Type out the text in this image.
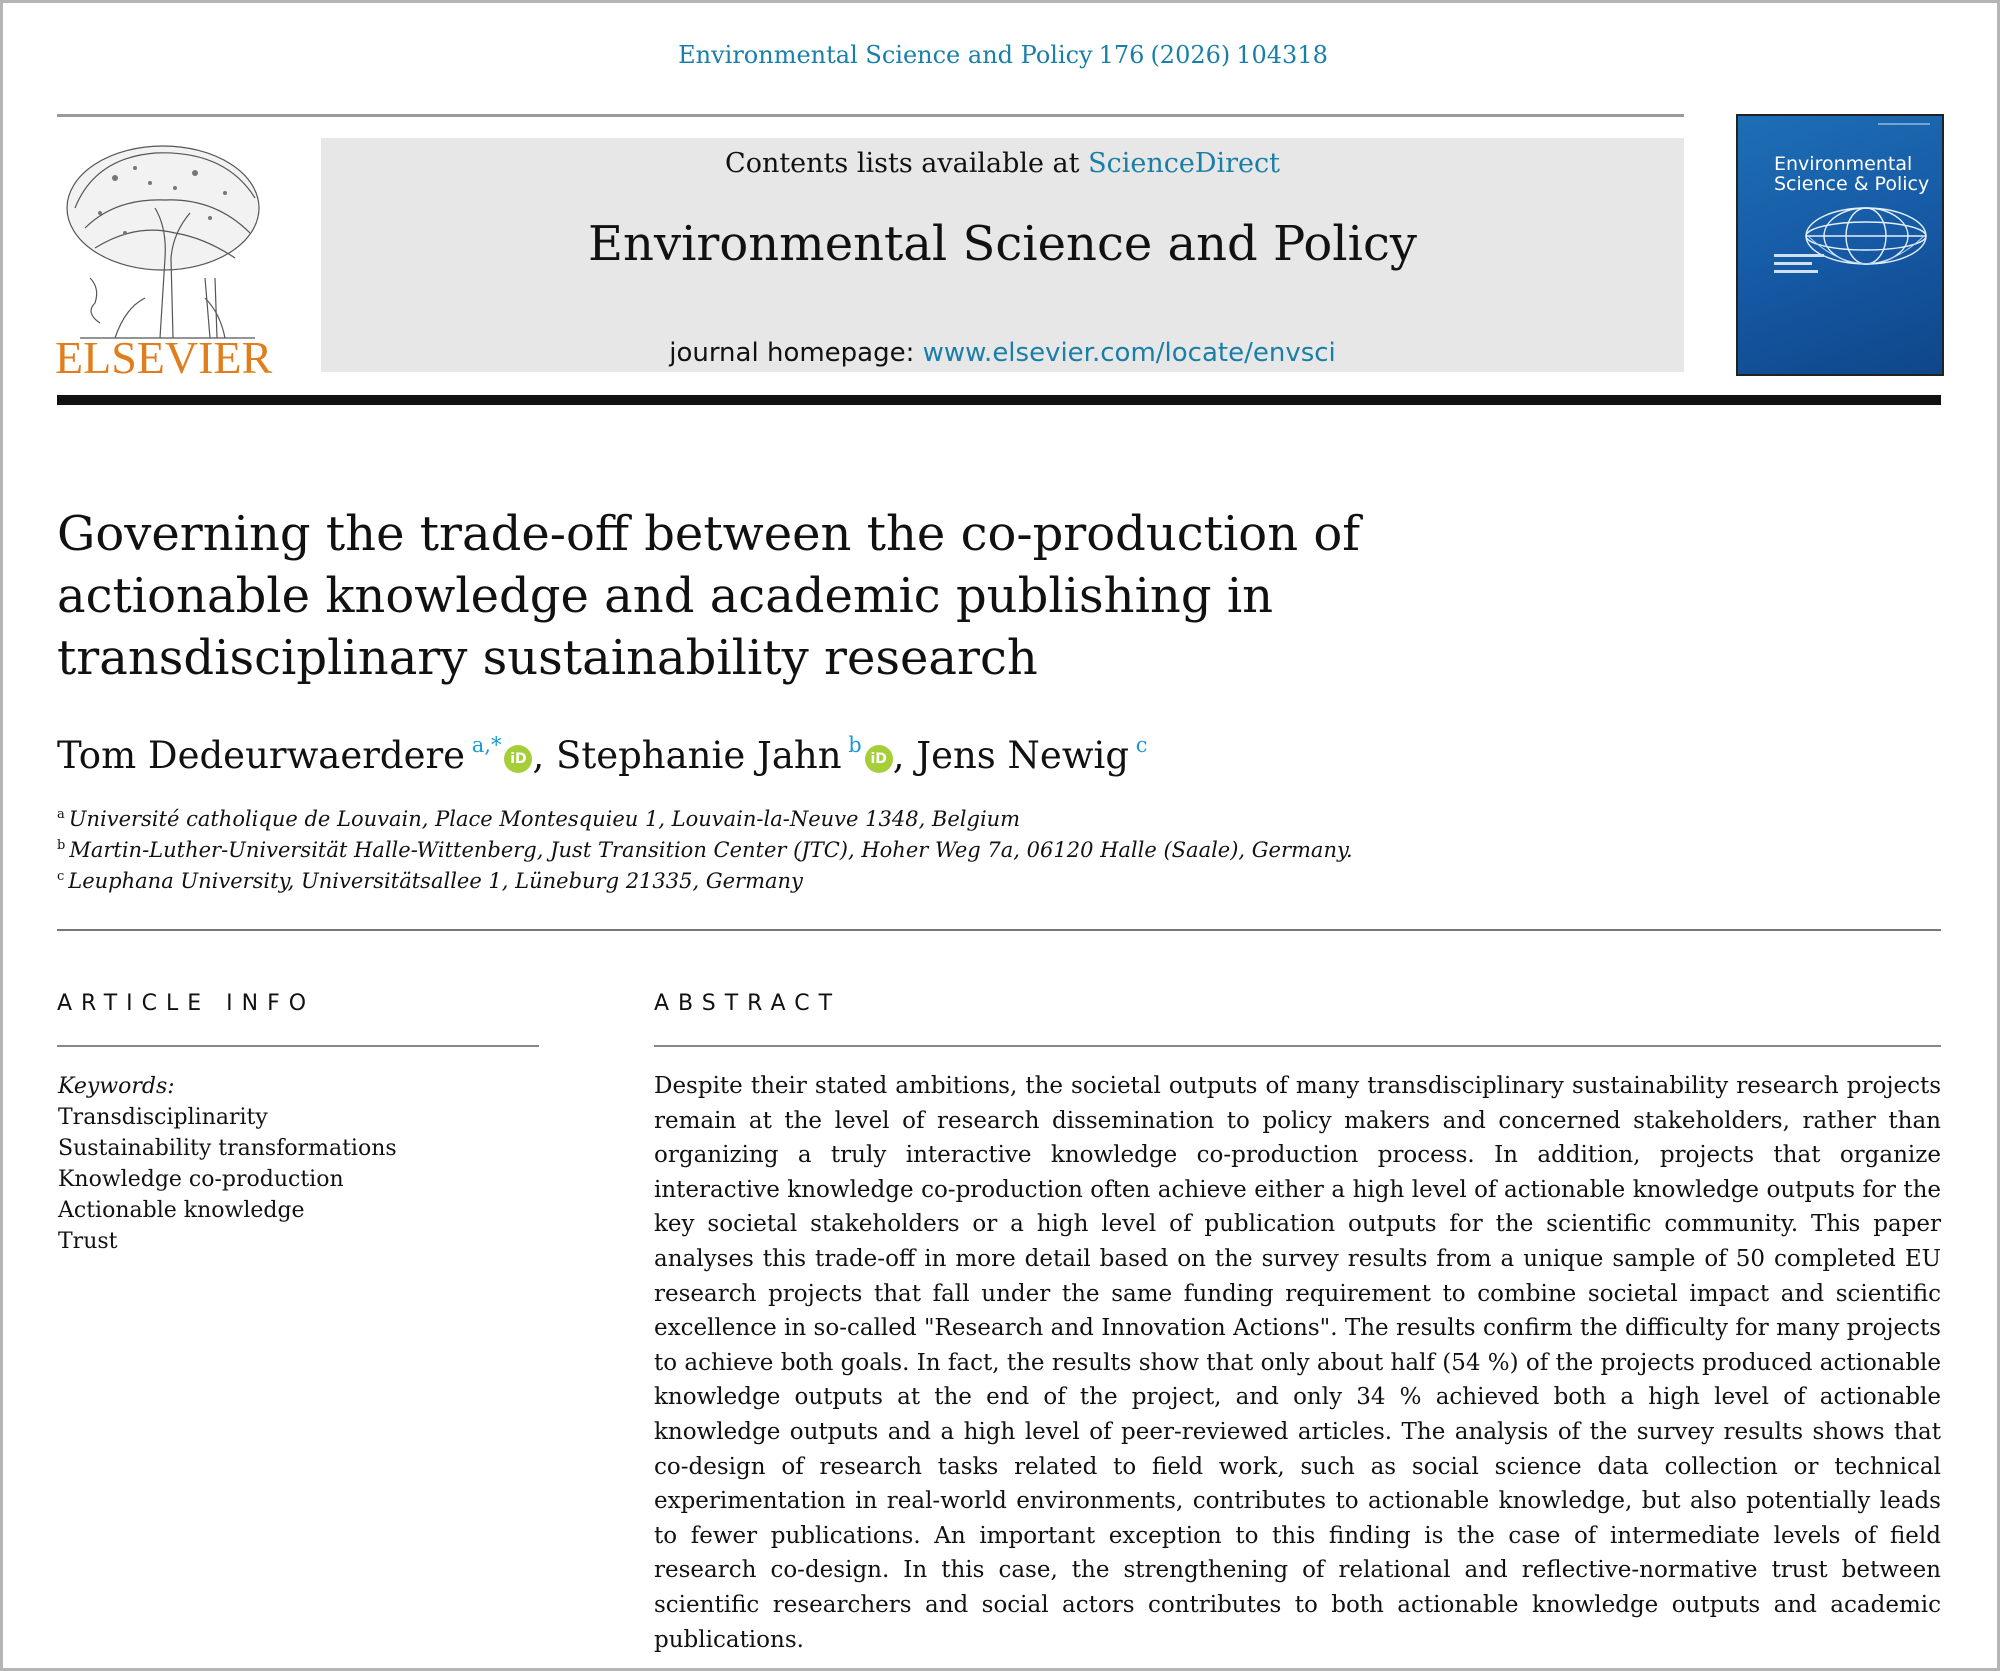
Environmental Science and Policy 176 (2026) 104318
ELSEVIER
Contents lists available at ScienceDirect
Environmental Science and Policy
journal homepage: www.elsevier.com/locate/envsci
Environmental Science & Policy
Governing the trade-off between the co-production of actionable knowledge and academic publishing in transdisciplinary sustainability research
Tom Dedeurwaerdere $^{a,*}$iD , Stephanie Jahn $^b$iD , Jens Newig $^c$
$^a$ Université catholique de Louvain, Place Montesquieu 1, Louvain-la-Neuve 1348, Belgium
$^b$ Martin-Luther-Universität Halle-Wittenberg, Just Transition Center (JTC), Hoher Weg 7a, 06120 Halle (Saale), Germany.
$^c$ Leuphana University, Universitätsallee 1, Lüneburg 21335, Germany
ARTICLE INFO	ABSTRACT
Keywords:
Transdisciplinarity
Sustainability transformations
Knowledge co-production
Actionable knowledge
Trust

Despite their stated ambitions, the societal outputs of many transdisciplinary sustainability research projects remain at the level of research dissemination to policy makers and concerned stakeholders, rather than organizing a truly interactive knowledge co-production process. In addition, projects that organize interactive knowledge co-production often achieve either a high level of actionable knowledge outputs for the key societal stakeholders or a high level of publication outputs for the scientific community. This paper analyses this trade-off in more detail based on the survey results from a unique sample of 50 completed EU research projects that fall under the same funding requirement to combine societal impact and scientific excellence in so-called "Research and Innovation Actions". The results confirm the difficulty for many projects to achieve both goals. In fact, the results show that only about half (54 %) of the projects produced actionable knowledge outputs at the end of the project, and only 34 % achieved both a high level of actionable knowledge outputs and a high level of peer-reviewed articles. The analysis of the survey results shows that co-design of research tasks related to field work, such as social science data collection or technical experimentation in real-world environments, contributes to actionable knowledge, but also potentially leads to fewer publications. An important exception to this finding is the case of intermediate levels of field research co-design. In this case, the strengthening of relational and reflective-normative trust between scientific researchers and social actors contributes to both actionable knowledge outputs and academic publications.
